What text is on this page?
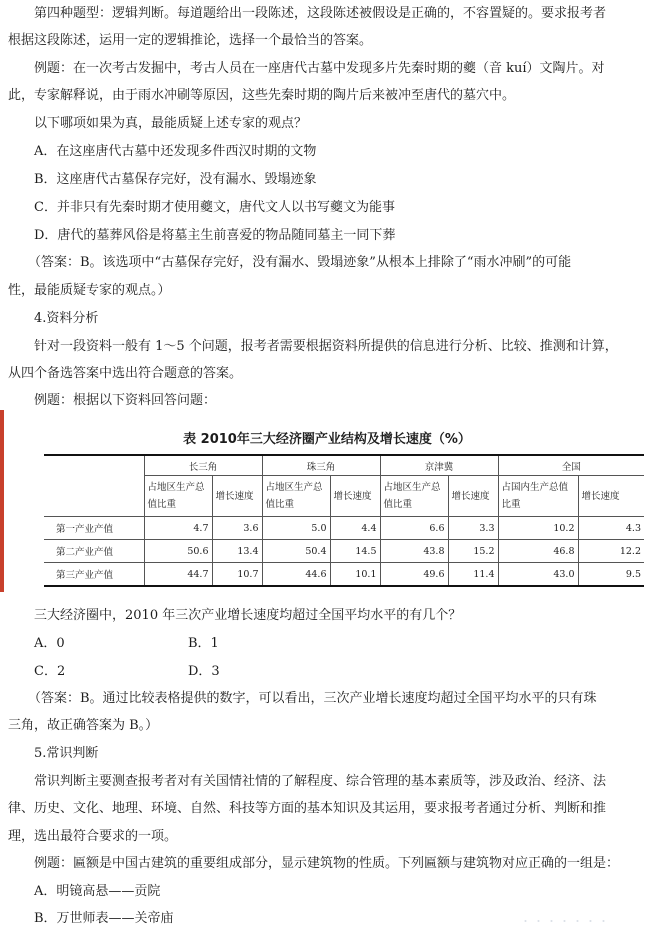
第四种题型：逻辑判断。每道题给出一段陈述，这段陈述被假设是正确的，不容置疑的。要求报考者
根据这段陈述，运用一定的逻辑推论，选择一个最恰当的答案。
例题：在一次考古发掘中，考古人员在一座唐代古墓中发现多片先秦时期的夔（音 kuí）文陶片。对
此，专家解释说，由于雨水冲刷等原因，这些先秦时期的陶片后来被冲至唐代的墓穴中。
以下哪项如果为真，最能质疑上述专家的观点？
A．在这座唐代古墓中还发现多件西汉时期的文物
B．这座唐代古墓保存完好，没有漏水、毁塌迹象
C．并非只有先秦时期才使用夔文，唐代文人以书写夔文为能事
D．唐代的墓葬风俗是将墓主生前喜爱的物品随同墓主一同下葬
（答案：B。该选项中“古墓保存完好，没有漏水、毁塌迹象”从根本上排除了“雨水冲刷”的可能
性，最能质疑专家的观点。）
4.资料分析
针对一段资料一般有 1～5 个问题，报考者需要根据资料所提供的信息进行分析、比较、推测和计算，
从四个备选答案中选出符合题意的答案。
例题：根据以下资料回答问题：
表 2010年三大经济圈产业结构及增长速度（%）
	长三角		珠三角		京津冀		全国	
	占地区生产总值比重	增长速度	占地区生产总值比重	增长速度	占地区生产总值比重	增长速度	占国内生产总值比重	增长速度
第一产业产值	4.7	3.6	5.0	4.4	6.6	3.3	10.2	4.3
第二产业产值	50.6	13.4	50.4	14.5	43.8	15.2	46.8	12.2
第三产业产值	44.7	10.7	44.6	10.1	49.6	11.4	43.0	9.5
三大经济圈中，2010 年三次产业增长速度均超过全国平均水平的有几个？
A．0	B．1
C．2	D．3
（答案：B。通过比较表格提供的数字，可以看出，三次产业增长速度均超过全国平均水平的只有珠
三角，故正确答案为 B。）
5.常识判断
常识判断主要测查报考者对有关国情社情的了解程度、综合管理的基本素质等，涉及政治、经济、法
律、历史、文化、地理、环境、自然、科技等方面的基本知识及其运用，要求报考者通过分析、判断和推
理，选出最符合要求的一项。
例题：匾额是中国古建筑的重要组成部分，显示建筑物的性质。下列匾额与建筑物对应正确的一组是：
A．明镜高悬——贡院
B．万世师表——关帝庙	・・・・・・・
